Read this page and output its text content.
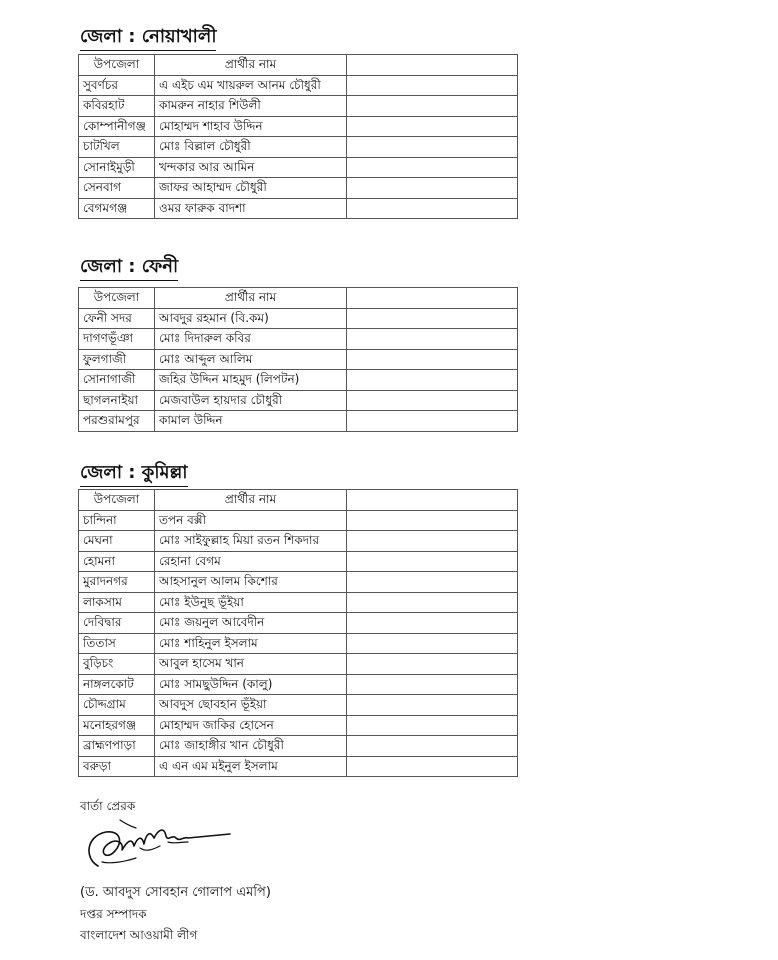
জেলা : নোয়াখালী
উপজেলা	প্রার্থীর নাম	
সুবর্ণচর	এ এইচ এম খায়রুল আনম চৌধুরী	
কবিরহাট	কামরুন নাহার শিউলী	
কোম্পানীগঞ্জ	মোহাম্মদ শাহাব উদ্দিন	
চাটখিল	মোঃ বিল্লাল চৌধুরী	
সোনাইমুড়ী	খন্দকার আর আমিন	
সেনবাগ	জাফর আহাম্মদ চৌধুরী	
বেগমগঞ্জ	ওমর ফারুক বাদশা	
জেলা : ফেনী
উপজেলা	প্রার্থীর নাম	
ফেনী সদর	আবদুর রহমান (বি.কম)	
দাগণভূঁঞা	মোঃ দিদারুল কবির	
ফুলগাজী	মোঃ আব্দুল আলিম	
সোনাগাজী	জহির উদ্দিন মাহমুদ (লিপটন)	
ছাগলনাইয়া	মেজবাউল হায়দার চৌধুরী	
পরশুরামপুর	কামাল উদ্দিন	
জেলা : কুমিল্লা
উপজেলা	প্রার্থীর নাম	
চান্দিনা	তপন বক্সী	
মেঘনা	মোঃ সাইফুল্লাহ মিয়া রতন শিকদার	
হোমনা	রেহানা বেগম	
মুরাদনগর	আহসানুল আলম কিশোর	
লাকসাম	মোঃ ইউনুছ ভূঁইয়া	
দেবিদ্বার	মোঃ জয়নুল আবেদীন	
তিতাস	মোঃ শাহিনুল ইসলাম	
বুড়িচং	আবুল হাসেম খান	
নাঙ্গলকোট	মোঃ সামছুউদ্দিন (কালু)	
চৌদ্দগ্রাম	আবদুস ছোবহান ভূঁইয়া	
মনোহরগঞ্জ	মোহাম্মদ জাকির হোসেন	
ব্রাহ্মণপাড়া	মোঃ জাহাঙ্গীর খান চৌধুরী	
বরুড়া	এ এন এম মইনুল ইসলাম	
বার্তা প্রেরক
(ড. আবদুস সোবহান গোলাপ এমপি)
দপ্তর সম্পাদক
বাংলাদেশ আওয়ামী লীগ
